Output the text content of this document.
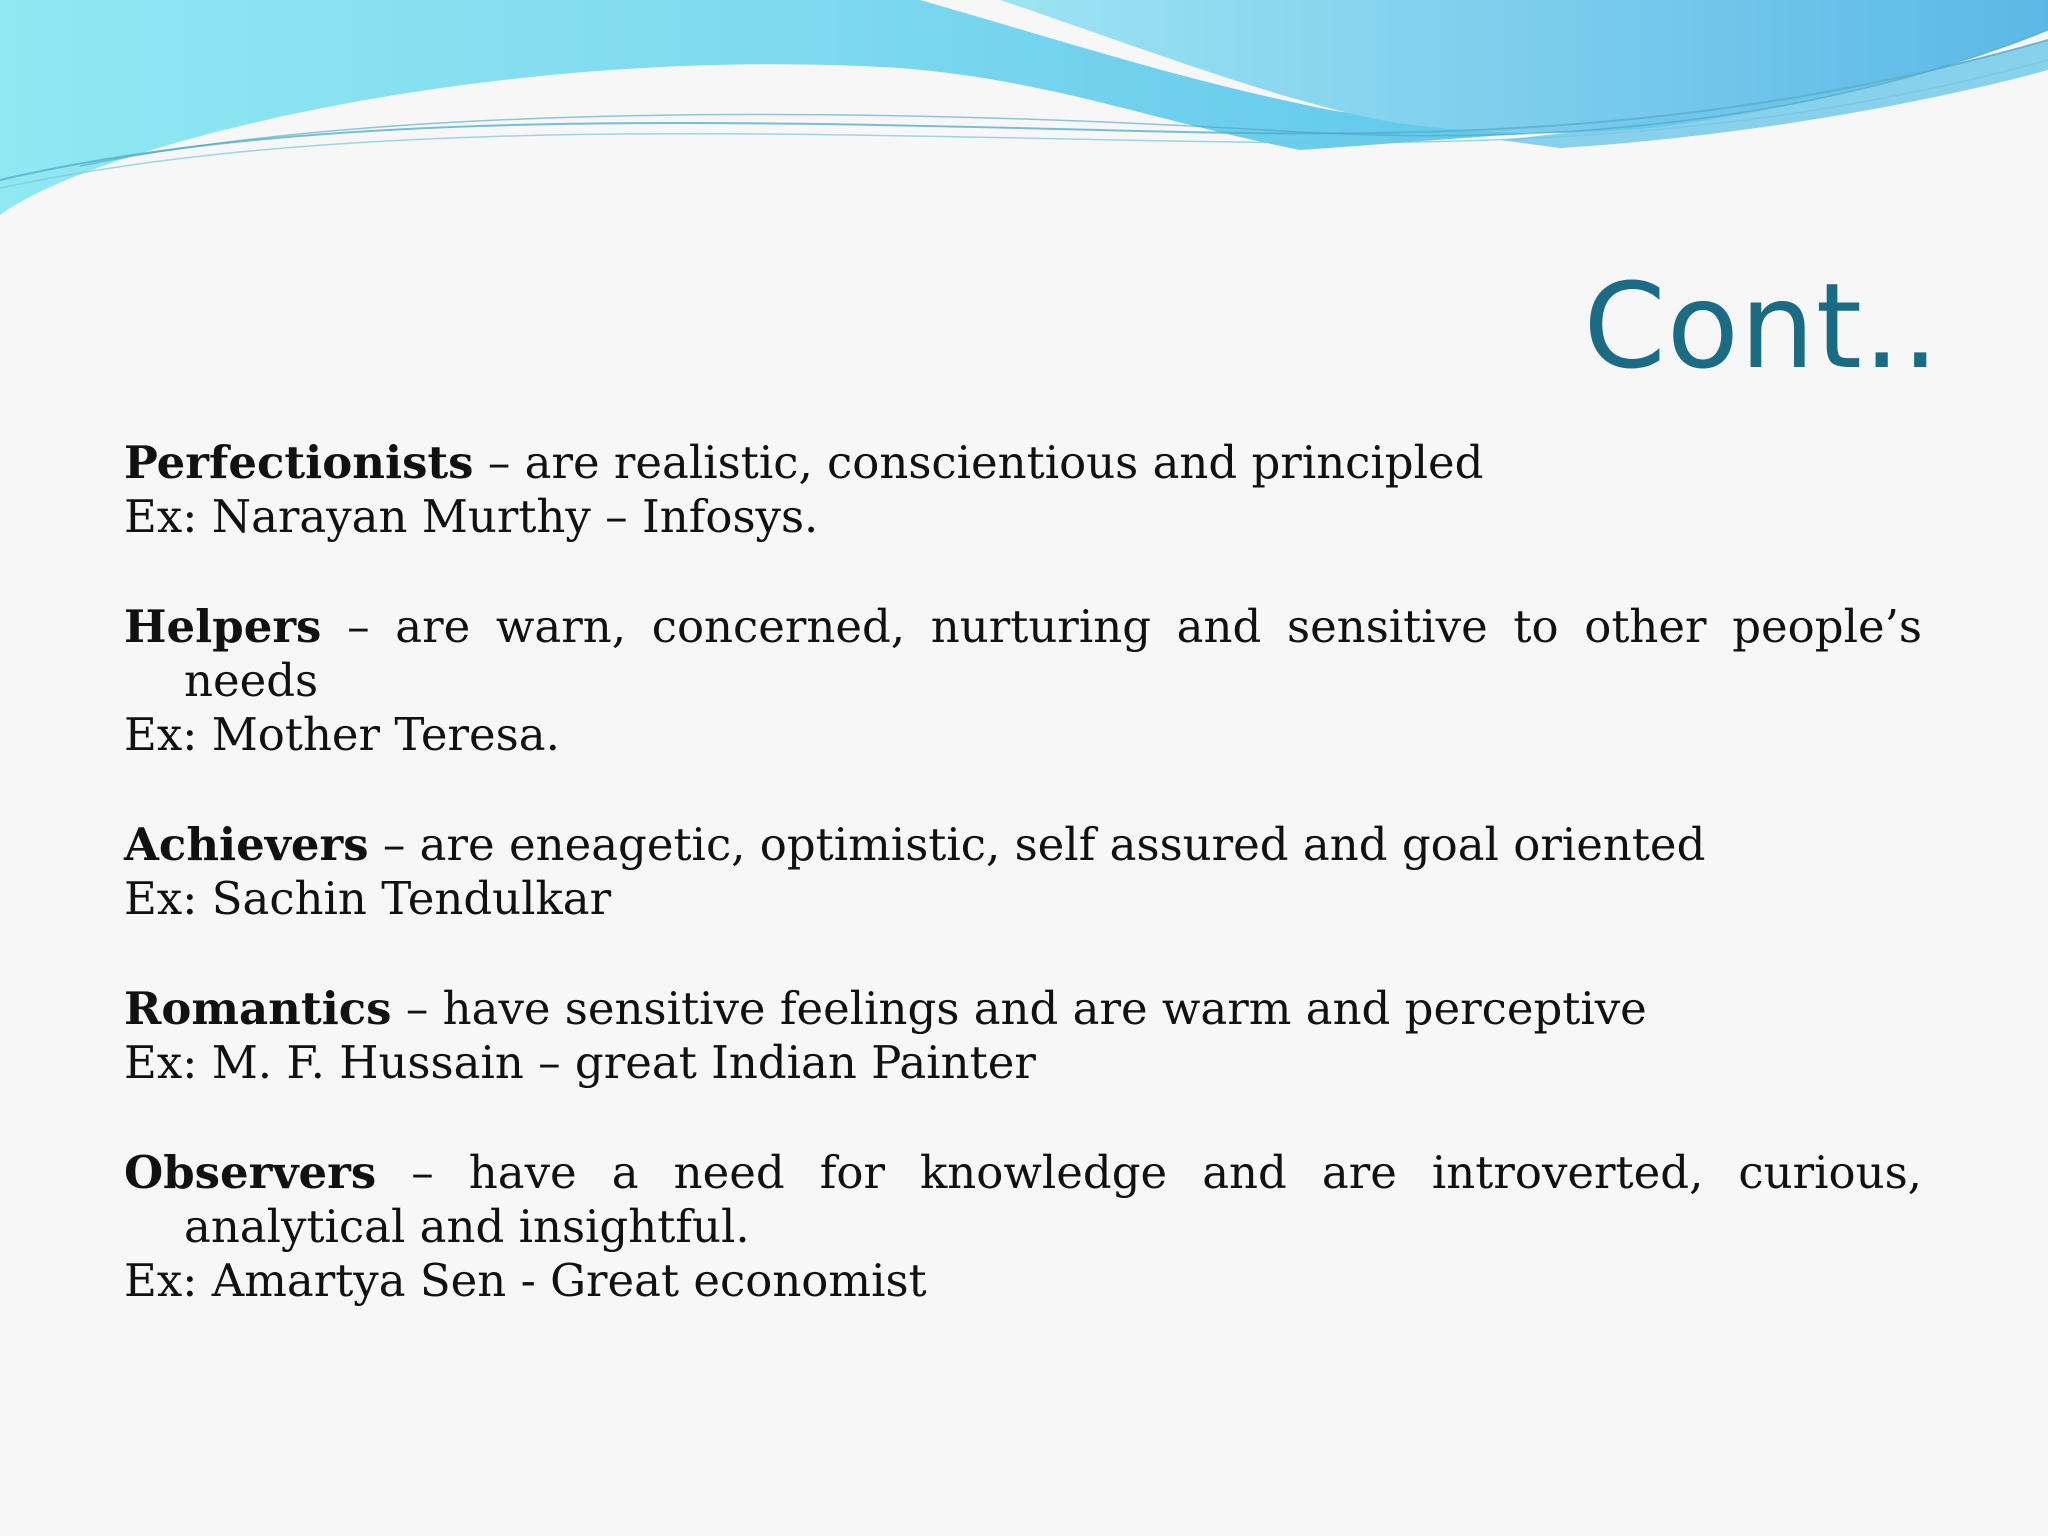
Cont..

Perfectionists – are realistic, conscientious and principled

Ex: Narayan Murthy – Infosys.

Helpers – are warn, concerned, nurturing and sensitive to other people’s needs

Ex: Mother Teresa.

Achievers – are eneagetic, optimistic, self assured and goal oriented

Ex: Sachin Tendulkar

Romantics – have sensitive feelings and are warm and perceptive

Ex: M. F. Hussain – great Indian Painter

Observers – have a need for knowledge and are introverted, curious, analytical and insightful.

Ex: Amartya Sen - Great economist
